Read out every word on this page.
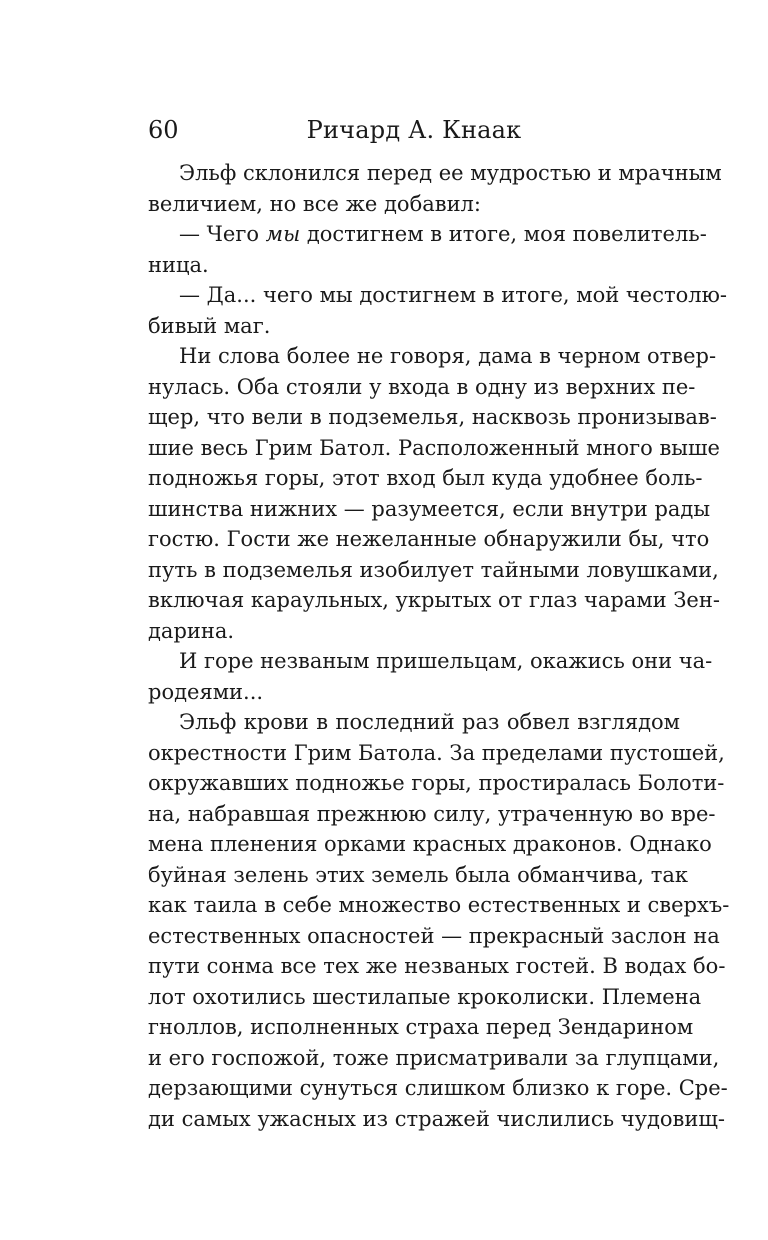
60	Ричард А. Кнаак
Эльф склонился перед ее мудростью и мрачным
величием, но все же добавил:
— Чего мы достигнем в итоге, моя повелитель-
ница.
— Да... чего мы достигнем в итоге, мой честолю-
бивый маг.
Ни слова более не говоря, дама в черном отвер-
нулась. Оба стояли у входа в одну из верхних пе-
щер, что вели в подземелья, насквозь пронизывав-
шие весь Грим Батол. Расположенный много выше
подножья горы, этот вход был куда удобнее боль-
шинства нижних — разумеется, если внутри рады
гостю. Гости же нежеланные обнаружили бы, что
путь в подземелья изобилует тайными ловушками,
включая караульных, укрытых от глаз чарами Зен-
дарина.
И горе незваным пришельцам, окажись они ча-
родеями...
Эльф крови в последний раз обвел взглядом
окрестности Грим Батола. За пределами пустошей,
окружавших подножье горы, простиралась Болоти-
на, набравшая прежнюю силу, утраченную во вре-
мена пленения орками красных драконов. Однако
буйная зелень этих земель была обманчива, так
как таила в себе множество естественных и сверхъ-
естественных опасностей — прекрасный заслон на
пути сонма все тех же незваных гостей. В водах бо-
лот охотились шестилапые кроколиски. Племена
гноллов, исполненных страха перед Зендарином
и его госпожой, тоже присматривали за глупцами,
дерзающими сунуться слишком близко к горе. Сре-
ди самых ужасных из стражей числились чудовищ-
